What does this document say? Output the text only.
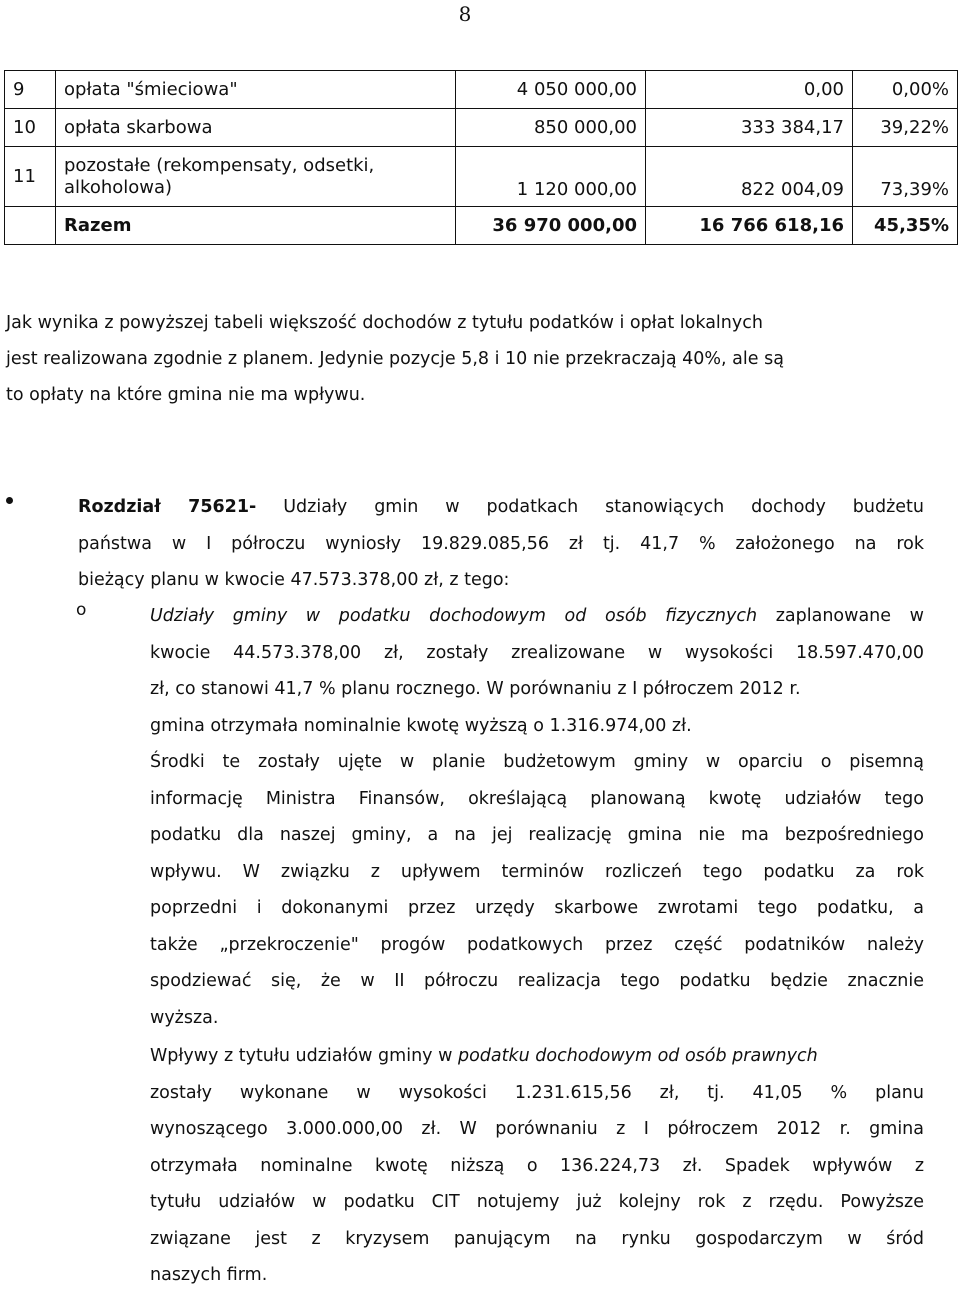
8
9	opłata "śmieciowa"	4 050 000,00	0,00	0,00%
10	opłata skarbowa	850 000,00	333 384,17	39,22%
11	pozostałe (rekompensaty, odsetki, alkoholowa)	1 120 000,00	822 004,09	73,39%
	Razem	36 970 000,00	16 766 618,16	45,35%
Jak wynika z powyższej tabeli większość dochodów z tytułu podatków i opłat lokalnych
jest realizowana zgodnie z planem. Jedynie pozycje 5,8 i 10 nie przekraczają 40%, ale są
to opłaty na które gmina nie ma wpływu.
Rozdział 75621- Udziały gmin w podatkach stanowiących dochody budżetu
państwa w I półroczu wyniosły 19.829.085,56 zł tj. 41,7 % założonego na rok
bieżący planu w kwocie 47.573.378,00 zł, z tego:
o	Udziały gminy w podatku dochodowym od osób fizycznych zaplanowane w
kwocie 44.573.378,00 zł, zostały zrealizowane w wysokości 18.597.470,00
zł, co stanowi 41,7 % planu rocznego. W porównaniu z I półroczem 2012 r.
gmina otrzymała nominalnie kwotę wyższą o 1.316.974,00 zł.
Środki te zostały ujęte w planie budżetowym gminy w oparciu o pisemną
informację Ministra Finansów, określającą planowaną kwotę udziałów tego
podatku dla naszej gminy, a na jej realizację gmina nie ma bezpośredniego
wpływu. W związku z upływem terminów rozliczeń tego podatku za rok
poprzedni i dokonanymi przez urzędy skarbowe zwrotami tego podatku, a
także „przekroczenie" progów podatkowych przez część podatników należy
spodziewać się, że w II półroczu realizacja tego podatku będzie znacznie
wyższa.
Wpływy z tytułu udziałów gminy w podatku dochodowym od osób prawnych
zostały wykonane w wysokości 1.231.615,56 zł, tj. 41,05 % planu
wynoszącego 3.000.000,00 zł. W porównaniu z I półroczem 2012 r. gmina
otrzymała nominalne kwotę niższą o 136.224,73 zł. Spadek wpływów z
tytułu udziałów w podatku CIT notujemy już kolejny rok z rzędu. Powyższe
związane jest z kryzysem panującym na rynku gospodarczym w śród
naszych firm.
